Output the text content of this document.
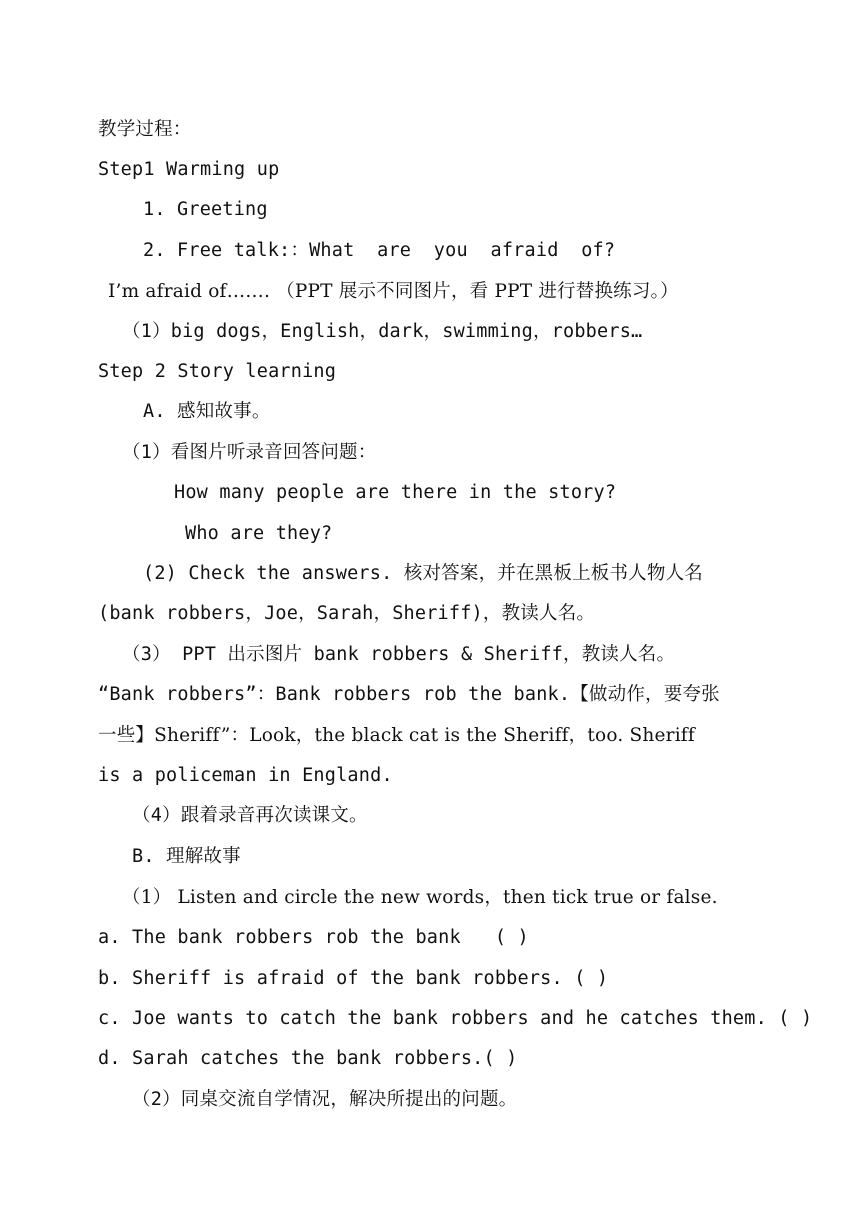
教学过程：
Step1 Warming up
1. Greeting
2. Free talk:：What  are  you  afraid  of?
I’m afraid of……. （PPT 展示不同图片，看 PPT 进行替换练习。）
（1）big dogs，English，dark，swimming，robbers…
Step 2 Story learning
A. 感知故事。
（1）看图片听录音回答问题：
How many people are there in the story?
Who are they?
(2) Check the answers. 核对答案，并在黑板上板书人物人名
(bank robbers，Joe，Sarah，Sheriff)，教读人名。
（3） PPT 出示图片 bank robbers & Sheriff，教读人名。
“Bank robbers”：Bank robbers rob the bank.【做动作，要夸张
一些】Sheriff”：Look，the black cat is the Sheriff，too. Sheriff
is a policeman in England.
（4）跟着录音再次读课文。
B. 理解故事
（1） Listen and circle the new words，then tick true or false.
a. The bank robbers rob the bank   ( )
b. Sheriff is afraid of the bank robbers. ( )
c. Joe wants to catch the bank robbers and he catches them. ( )
d. Sarah catches the bank robbers.( )
（2）同桌交流自学情况，解决所提出的问题。
